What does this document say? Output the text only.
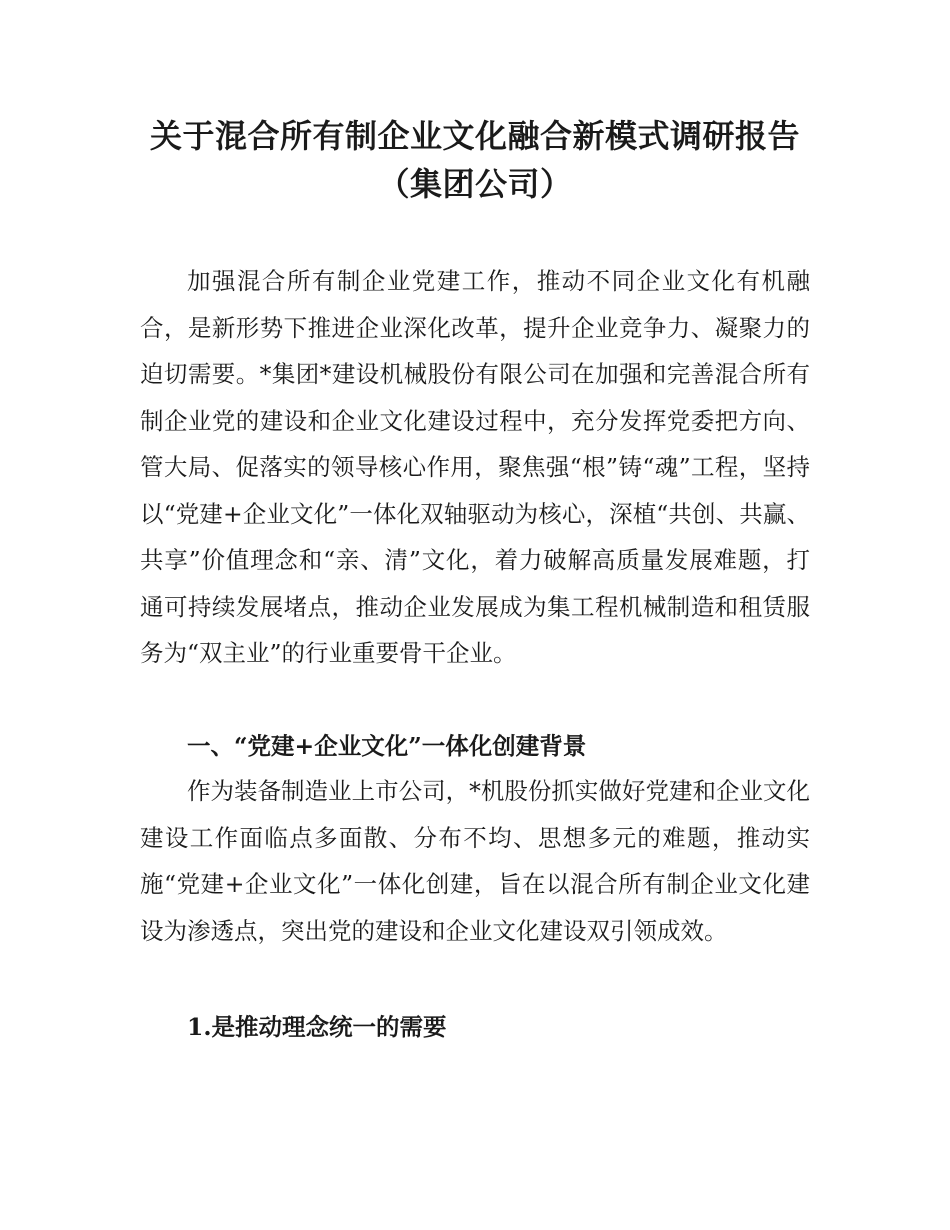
关于混合所有制企业文化融合新模式调研报告（集团公司）

加强混合所有制企业党建工作，推动不同企业文化有机融合，是新形势下推进企业深化改革，提升企业竞争力、凝聚力的迫切需要。*集团*建设机械股份有限公司在加强和完善混合所有制企业党的建设和企业文化建设过程中，充分发挥党委把方向、管大局、促落实的领导核心作用，聚焦强“根”铸“魂”工程，坚持以“党建+企业文化”一体化双轴驱动为核心，深植“共创、共赢、共享”价值理念和“亲、清”文化，着力破解高质量发展难题，打通可持续发展堵点，推动企业发展成为集工程机械制造和租赁服务为“双主业”的行业重要骨干企业。

一、“党建+企业文化”一体化创建背景

作为装备制造业上市公司，*机股份抓实做好党建和企业文化建设工作面临点多面散、分布不均、思想多元的难题，推动实施“党建+企业文化”一体化创建，旨在以混合所有制企业文化建设为渗透点，突出党的建设和企业文化建设双引领成效。

1.是推动理念统一的需要
